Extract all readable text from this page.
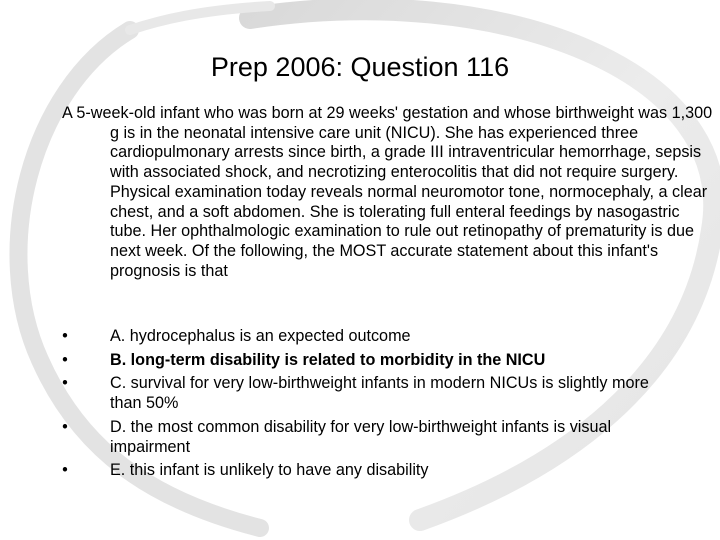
Prep 2006: Question 116

A 5-week-old infant who was born at 29 weeks' gestation and whose birthweight was 1,300 g is in the neonatal intensive care unit (NICU). She has experienced three cardiopulmonary arrests since birth, a grade III intraventricular hemorrhage, sepsis with associated shock, and necrotizing enterocolitis that did not require surgery. Physical examination today reveals normal neuromotor tone, normocephaly, a clear chest, and a soft abdomen. She is tolerating full enteral feedings by nasogastric tube. Her ophthalmologic examination to rule out retinopathy of prematurity is due next week. Of the following, the MOST accurate statement about this infant's prognosis is that

•	A. hydrocephalus is an expected outcome
•	B. long-term disability is related to morbidity in the NICU
•	C. survival for very low-birthweight infants in modern NICUs is slightly more than 50%
•	D. the most common disability for very low-birthweight infants is visual impairment
•	E. this infant is unlikely to have any disability
